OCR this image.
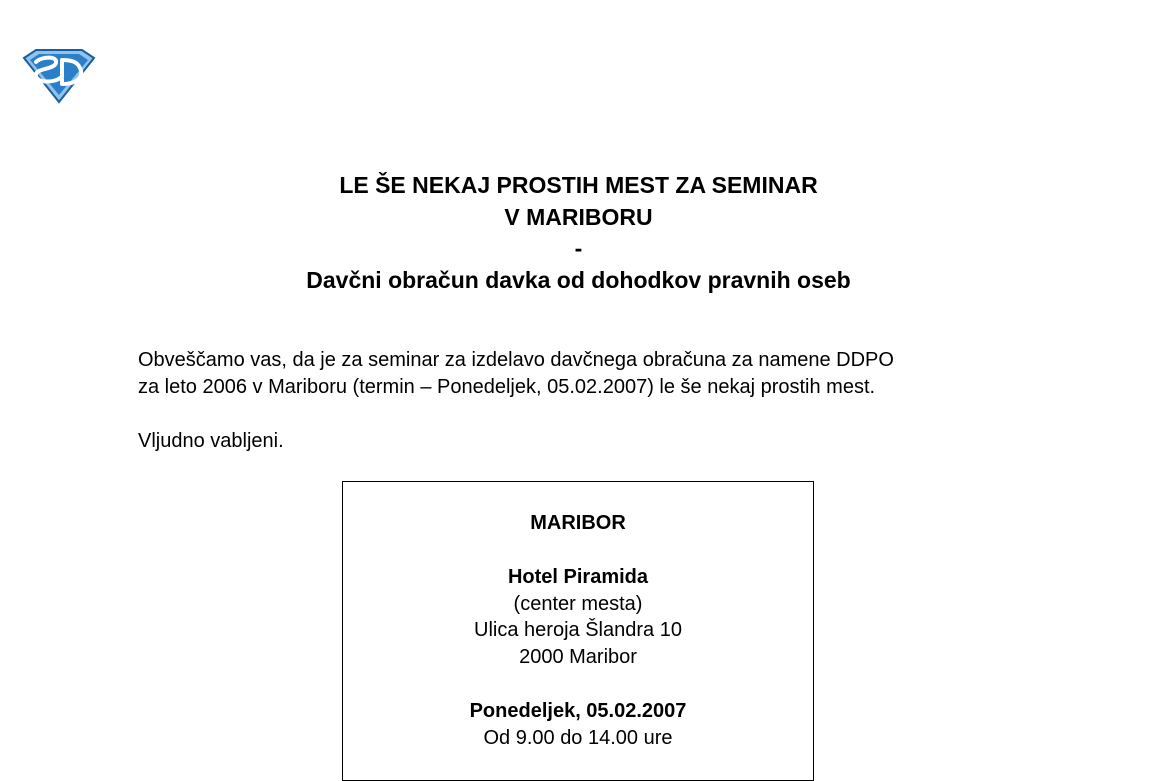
LE ŠE NEKAJ PROSTIH MEST ZA SEMINAR
V MARIBORU
-
Davčni obračun davka od dohodkov pravnih oseb
Obveščamo vas, da je za seminar za izdelavo davčnega obračuna za namene DDPO
za leto 2006 v Mariboru (termin – Ponedeljek, 05.02.2007) le še nekaj prostih mest.
Vljudno vabljeni.
MARIBOR
Hotel Piramida
(center mesta)
Ulica heroja Šlandra 10
2000 Maribor
Ponedeljek, 05.02.2007
Od 9.00 do 14.00 ure
